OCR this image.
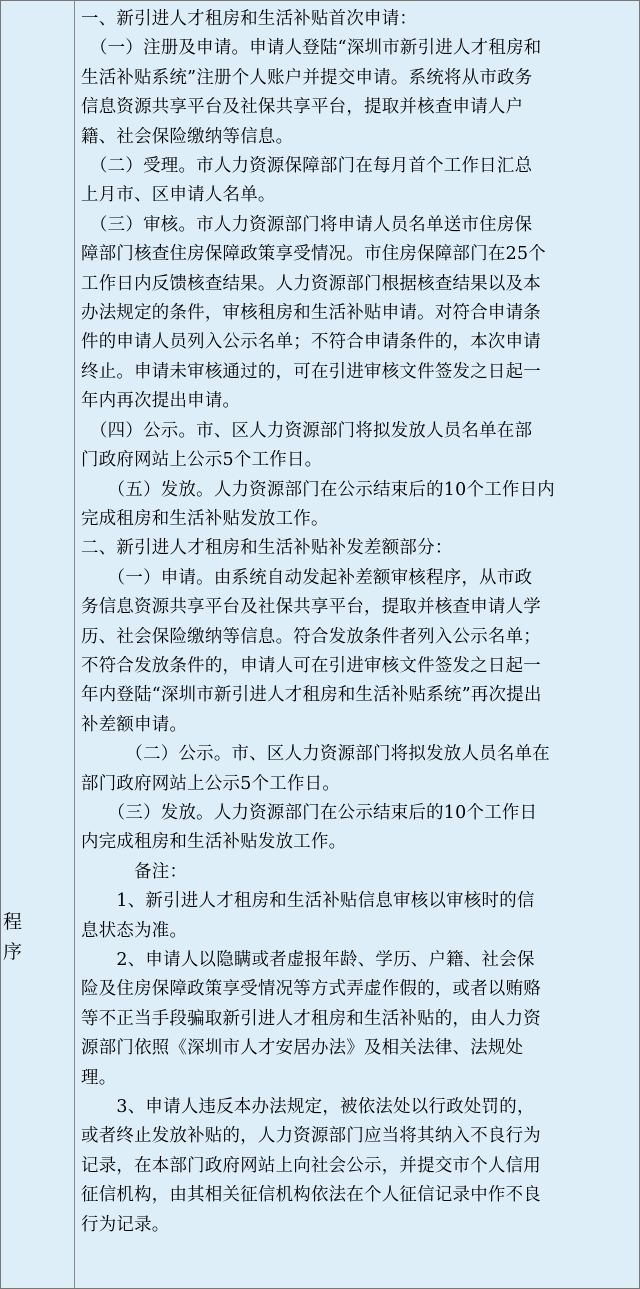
程序
一、新引进人才租房和生活补贴首次申请：
　（一）注册及申请。申请人登陆“深圳市新引进人才租房和
生活补贴系统”注册个人账户并提交申请。系统将从市政务
信息资源共享平台及社保共享平台，提取并核查申请人户
籍、社会保险缴纳等信息。
　（二）受理。市人力资源保障部门在每月首个工作日汇总
上月市、区申请人名单。
　（三）审核。市人力资源部门将申请人员名单送市住房保
障部门核查住房保障政策享受情况。市住房保障部门在25个
工作日内反馈核查结果。人力资源部门根据核查结果以及本
办法规定的条件，审核租房和生活补贴申请。对符合申请条
件的申请人员列入公示名单；不符合申请条件的，本次申请
终止。申请未审核通过的，可在引进审核文件签发之日起一
年内再次提出申请。
　（四）公示。市、区人力资源部门将拟发放人员名单在部
门政府网站上公示5个工作日。
　　（五）发放。人力资源部门在公示结束后的10个工作日内
完成租房和生活补贴发放工作。
二、新引进人才租房和生活补贴补发差额部分：
　　（一）申请。由系统自动发起补差额审核程序，从市政
务信息资源共享平台及社保共享平台，提取并核查申请人学
历、社会保险缴纳等信息。符合发放条件者列入公示名单；
不符合发放条件的，申请人可在引进审核文件签发之日起一
年内登陆“深圳市新引进人才租房和生活补贴系统”再次提出
补差额申请。
　　　（二）公示。市、区人力资源部门将拟发放人员名单在
部门政府网站上公示5个工作日。
　　（三）发放。人力资源部门在公示结束后的10个工作日
内完成租房和生活补贴发放工作。
　　　备注：
　　1、新引进人才租房和生活补贴信息审核以审核时的信
息状态为准。
　　2、申请人以隐瞒或者虚报年龄、学历、户籍、社会保
险及住房保障政策享受情况等方式弄虚作假的，或者以贿赂
等不正当手段骗取新引进人才租房和生活补贴的，由人力资
源部门依照《深圳市人才安居办法》及相关法律、法规处
理。
　　3、申请人违反本办法规定，被依法处以行政处罚的，
或者终止发放补贴的，人力资源部门应当将其纳入不良行为
记录，在本部门政府网站上向社会公示，并提交市个人信用
征信机构，由其相关征信机构依法在个人征信记录中作不良
行为记录。
